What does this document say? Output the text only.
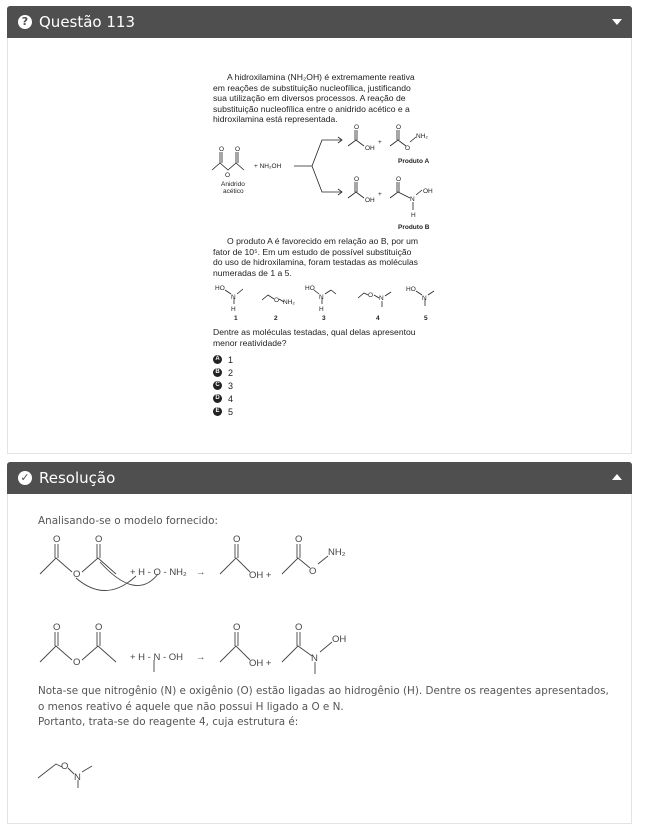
? Questão 113
A hidroxilamina (NH₂OH) é extremamente reativa
em reações de substituição nucleofílica, justificando
sua utilização em diversos processos. A reação de
substituição nucleofílica entre o anidrido acético e a
hidroxilamina está representada.
O O
O
Anidrido
acético
+ NH₂OH
O
OH
+
O
O
NH₂
Produto A
O
OH
+
O
N
OH
H
Produto B
O produto A é favorecido em relação ao B, por um
fator de 10⁵. Em um estudo de possível substituição
do uso de hidroxilamina, foram testadas as moléculas
numeradas de 1 a 5.
HO
N
H
O NH₂
HO
N
H
O N
HO
N
1	2	3	4	5
Dentre as moléculas testadas, qual delas apresentou
menor reatividade?
A 1
B 2
C 3
D 4
E 5
✓ Resolução
Analisando-se o modelo fornecido:
O	O
O	+ H - O - NH₂ →
O
OH +
O
O
NH₂
O	O
O	+ H - N - OH →
O
OH +
O
N
OH
Nota-se que nitrogênio (N) e oxigênio (O) estão ligadas ao hidrogênio (H). Dentre os reagentes apresentados,
o menos reativo é aquele que não possui H ligado a O e N.
Portanto, trata-se do reagente 4, cuja estrutura é:
O
N
